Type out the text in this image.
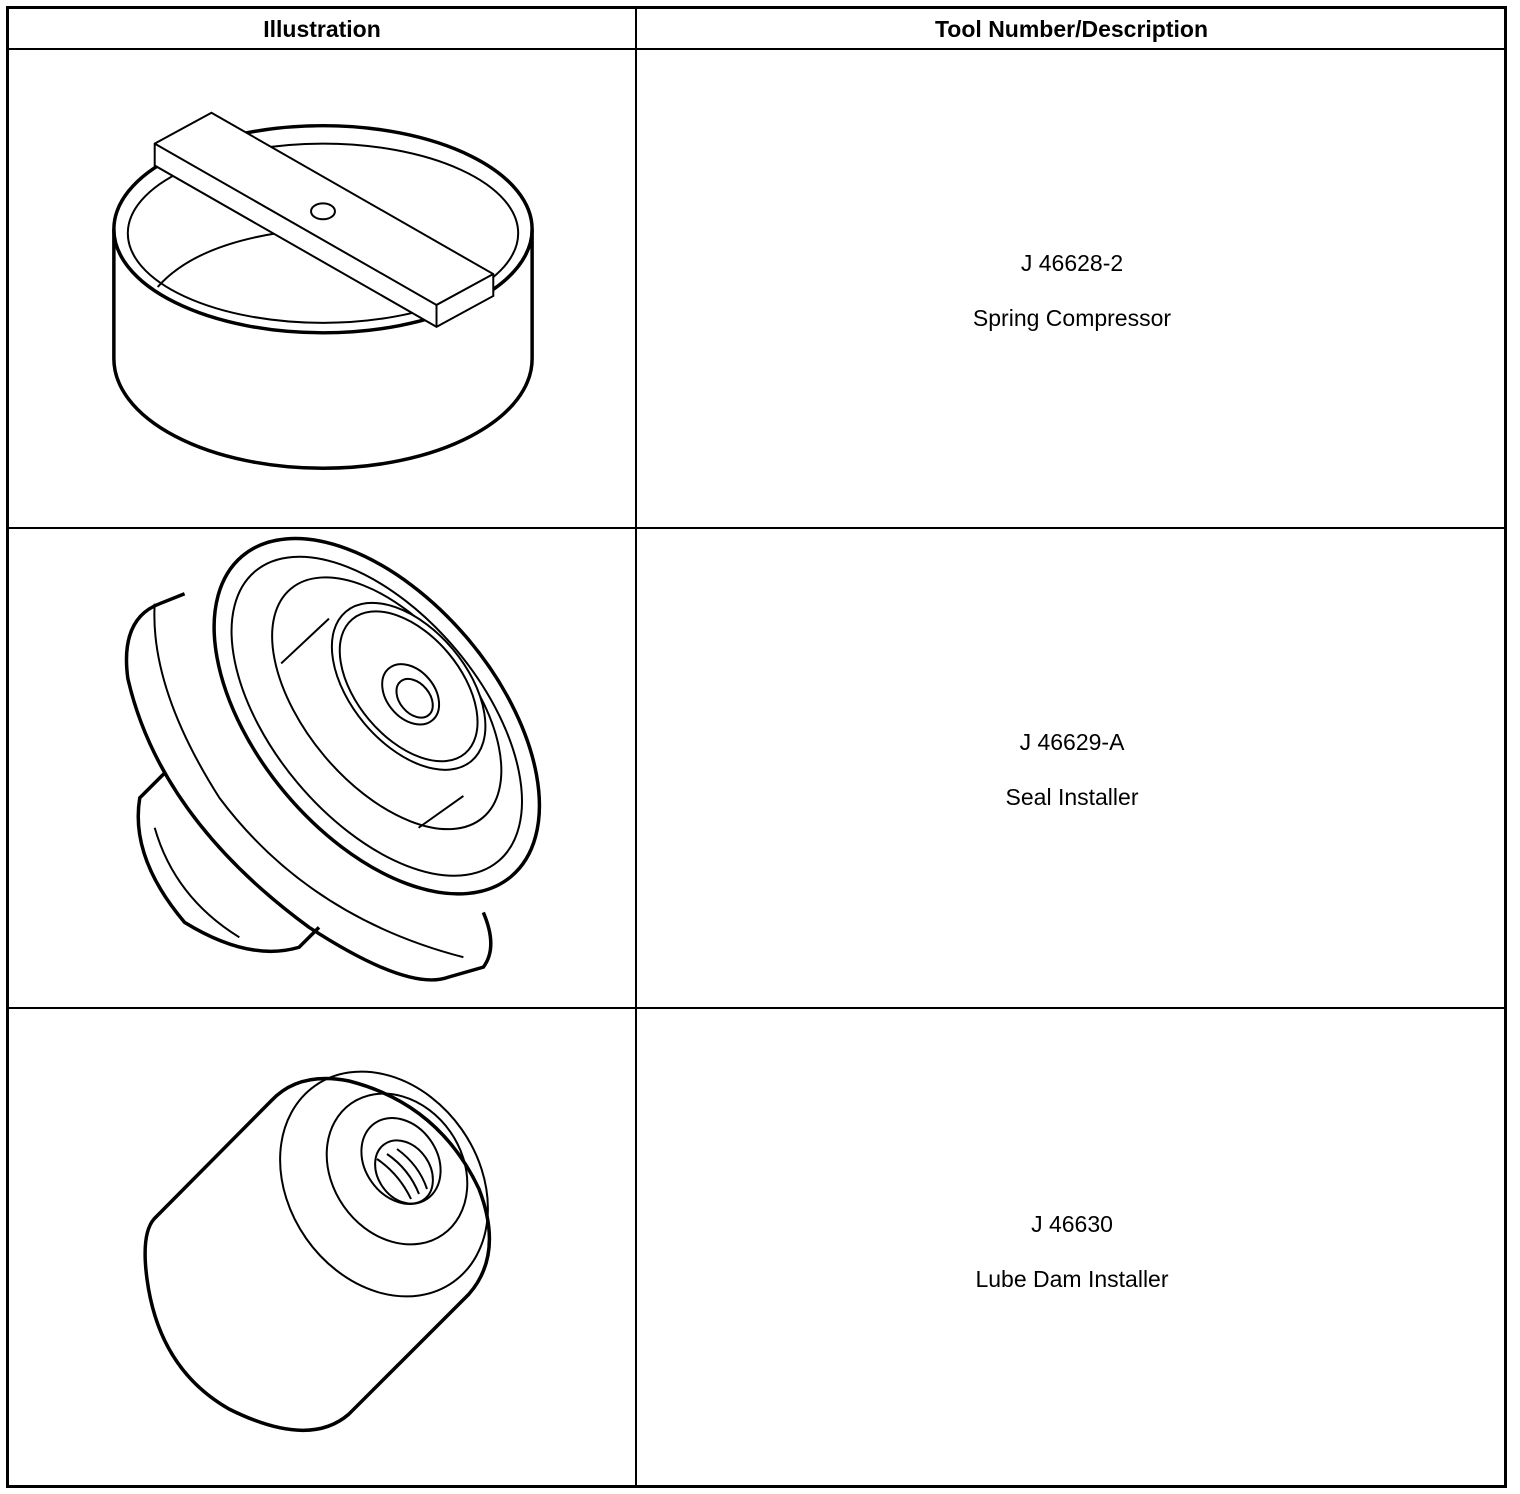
Illustration	Tool Number/Description
J 46628-2
Spring Compressor
J 46629-A
Seal Installer
J 46630
Lube Dam Installer
